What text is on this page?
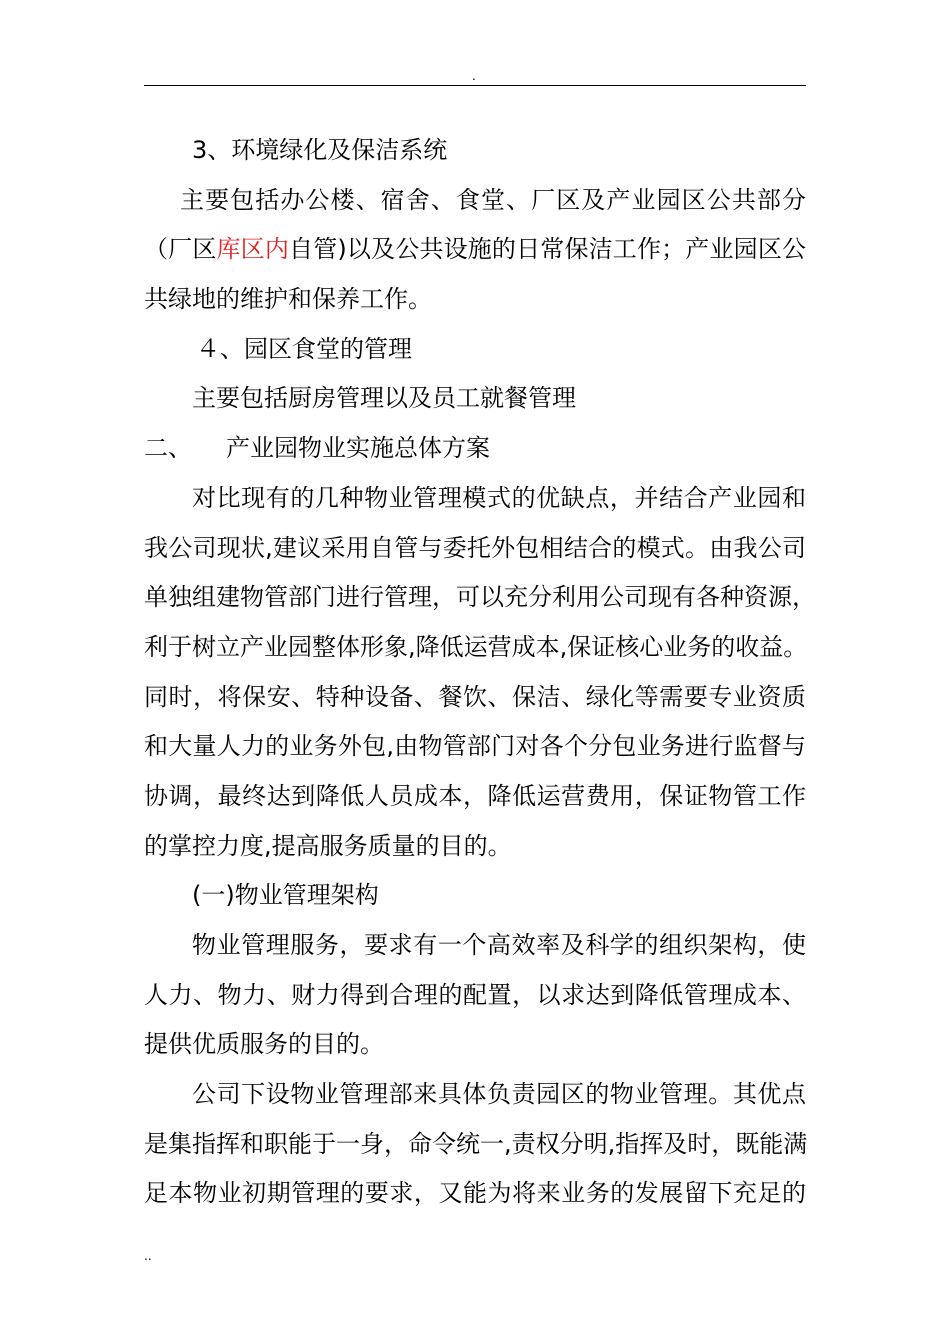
.
3、环境绿化及保洁系统
主要包括办公楼、宿舍、食堂、厂区及产业园区公共部分
（厂区库区内自管)以及公共设施的日常保洁工作；产业园区公
共绿地的维护和保养工作。
４、园区食堂的管理
主要包括厨房管理以及员工就餐管理
二、 产业园物业实施总体方案
对比现有的几种物业管理模式的优缺点，并结合产业园和
我公司现状,建议采用自管与委托外包相结合的模式。由我公司
单独组建物管部门进行管理，可以充分利用公司现有各种资源，
利于树立产业园整体形象,降低运营成本,保证核心业务的收益。
同时，将保安、特种设备、餐饮、保洁、绿化等需要专业资质
和大量人力的业务外包,由物管部门对各个分包业务进行监督与
协调，最终达到降低人员成本，降低运营费用，保证物管工作
的掌控力度,提高服务质量的目的。
(一)物业管理架构
物业管理服务，要求有一个高效率及科学的组织架构，使
人力、物力、财力得到合理的配置，以求达到降低管理成本、
提供优质服务的目的。
公司下设物业管理部来具体负责园区的物业管理。其优点
是集指挥和职能于一身，命令统一,责权分明,指挥及时，既能满
足本物业初期管理的要求，又能为将来业务的发展留下充足的
..
